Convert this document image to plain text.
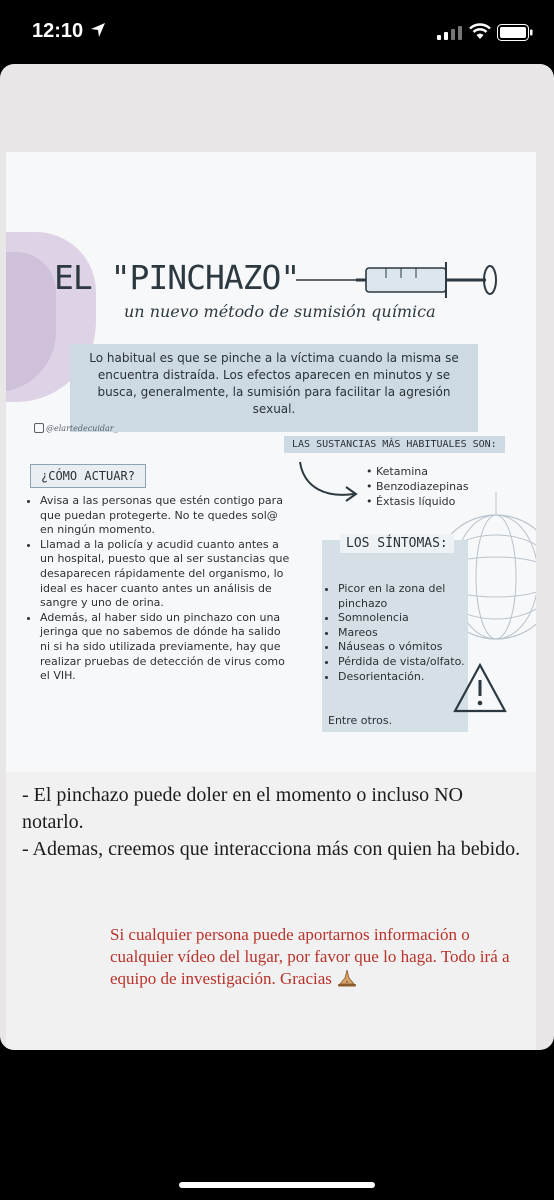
12:10
EL "PINCHAZO"
un nuevo método de sumisión química
Lo habitual es que se pinche a la víctima cuando la misma se encuentra distraída. Los efectos aparecen en minutos y se busca, generalmente, la sumisión para facilitar la agresión sexual.
@elartedecuidar_
LAS SUSTANCIAS MÁS HABITUALES SON:
• Ketamina
• Benzodiazepinas
• Éxtasis líquido
¿CÓMO ACTUAR?
• Avisa a las personas que estén contigo para que puedan protegerte. No te quedes sol@ en ningún momento.
• Llamad a la policía y acudid cuanto antes a un hospital, puesto que al ser sustancias que desaparecen rápidamente del organismo, lo ideal es hacer cuanto antes un análisis de sangre y uno de orina.
• Además, al haber sido un pinchazo con una jeringa que no sabemos de dónde ha salido ni si ha sido utilizada previamente, hay que realizar pruebas de detección de virus como el VIH.
LOS SÍNTOMAS:
• Picor en la zona del pinchazo
• Somnolencia
• Mareos
• Náuseas o vómitos
• Pérdida de vista/olfato.
• Desorientación.
Entre otros.
- El pinchazo puede doler en el momento o incluso NO notarlo.
- Ademas, creemos que interacciona más con quien ha bebido.
Si cualquier persona puede aportarnos información o cualquier vídeo del lugar, por favor que lo haga. Todo irá a equipo de investigación. Gracias
